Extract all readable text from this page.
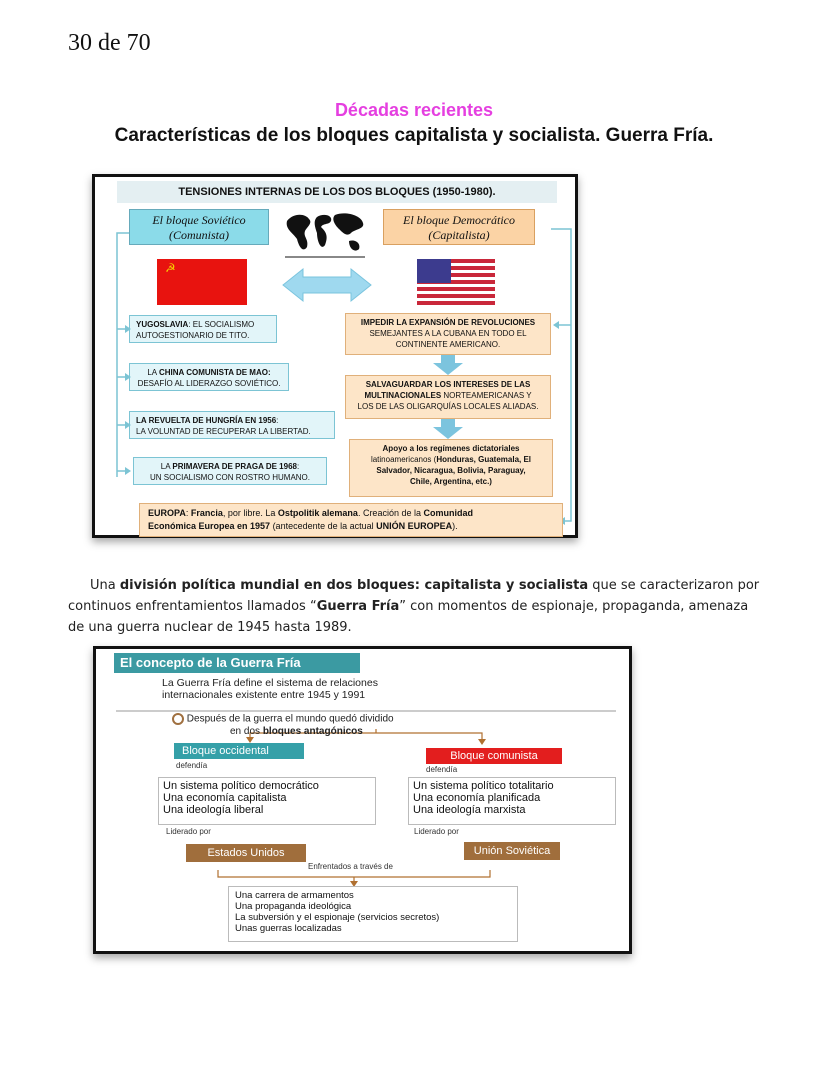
30 de 70
Décadas recientes
Características de los bloques capitalista y socialista. Guerra Fría.
TENSIONES INTERNAS DE LOS DOS BLOQUES (1950-1980).
El bloque Soviético
(Comunista)
El bloque Democrático
(Capitalista)
☭
YUGOSLAVIA: EL SOCIALISMO
AUTOGESTIONARIO DE TITO.
LA CHINA COMUNISTA DE MAO:
DESAFÍO AL LIDERAZGO SOVIÉTICO.
LA REVUELTA DE HUNGRÍA EN 1956:
LA VOLUNTAD DE RECUPERAR LA LIBERTAD.
LA PRIMAVERA DE PRAGA DE 1968:
UN SOCIALISMO CON ROSTRO HUMANO.
IMPEDIR LA EXPANSIÓN DE REVOLUCIONES
SEMEJANTES A LA CUBANA EN TODO EL
CONTINENTE AMERICANO.
SALVAGUARDAR LOS INTERESES DE LAS
MULTINACIONALES NORTEAMERICANAS Y
LOS DE LAS OLIGARQUÍAS LOCALES ALIADAS.
Apoyo a los regímenes dictatoriales
latinoamericanos (Honduras, Guatemala, El
Salvador, Nicaragua, Bolivia, Paraguay,
Chile, Argentina, etc.)
EUROPA: Francia, por libre. La Ostpolitik alemana. Creación de la Comunidad
Económica Europea en 1957 (antecedente de la actual UNIÓN EUROPEA).
Una división política mundial en dos bloques: capitalista y socialista que se caracterizaron por continuos enfrentamientos llamados “Guerra Fría” con momentos de espionaje, propaganda, amenaza de una guerra nuclear de 1945 hasta 1989.
El concepto de la Guerra Fría
La Guerra Fría define el sistema de relaciones
internacionales existente entre 1945 y 1991
Después de la guerra el mundo quedó dividido
en dos bloques antagónicos
Bloque occidental	Bloque comunista
defendía	defendía
Un sistema político democrático
Una economía capitalista
Una ideología liberal
Un sistema político totalitario
Una economía planificada
Una ideología marxista
Liderado por	Liderado por
Estados Unidos	Unión Soviética
Enfrentados a través de
Una carrera de armamentos
Una propaganda ideológica
La subversión y el espionaje (servicios secretos)
Unas guerras localizadas
